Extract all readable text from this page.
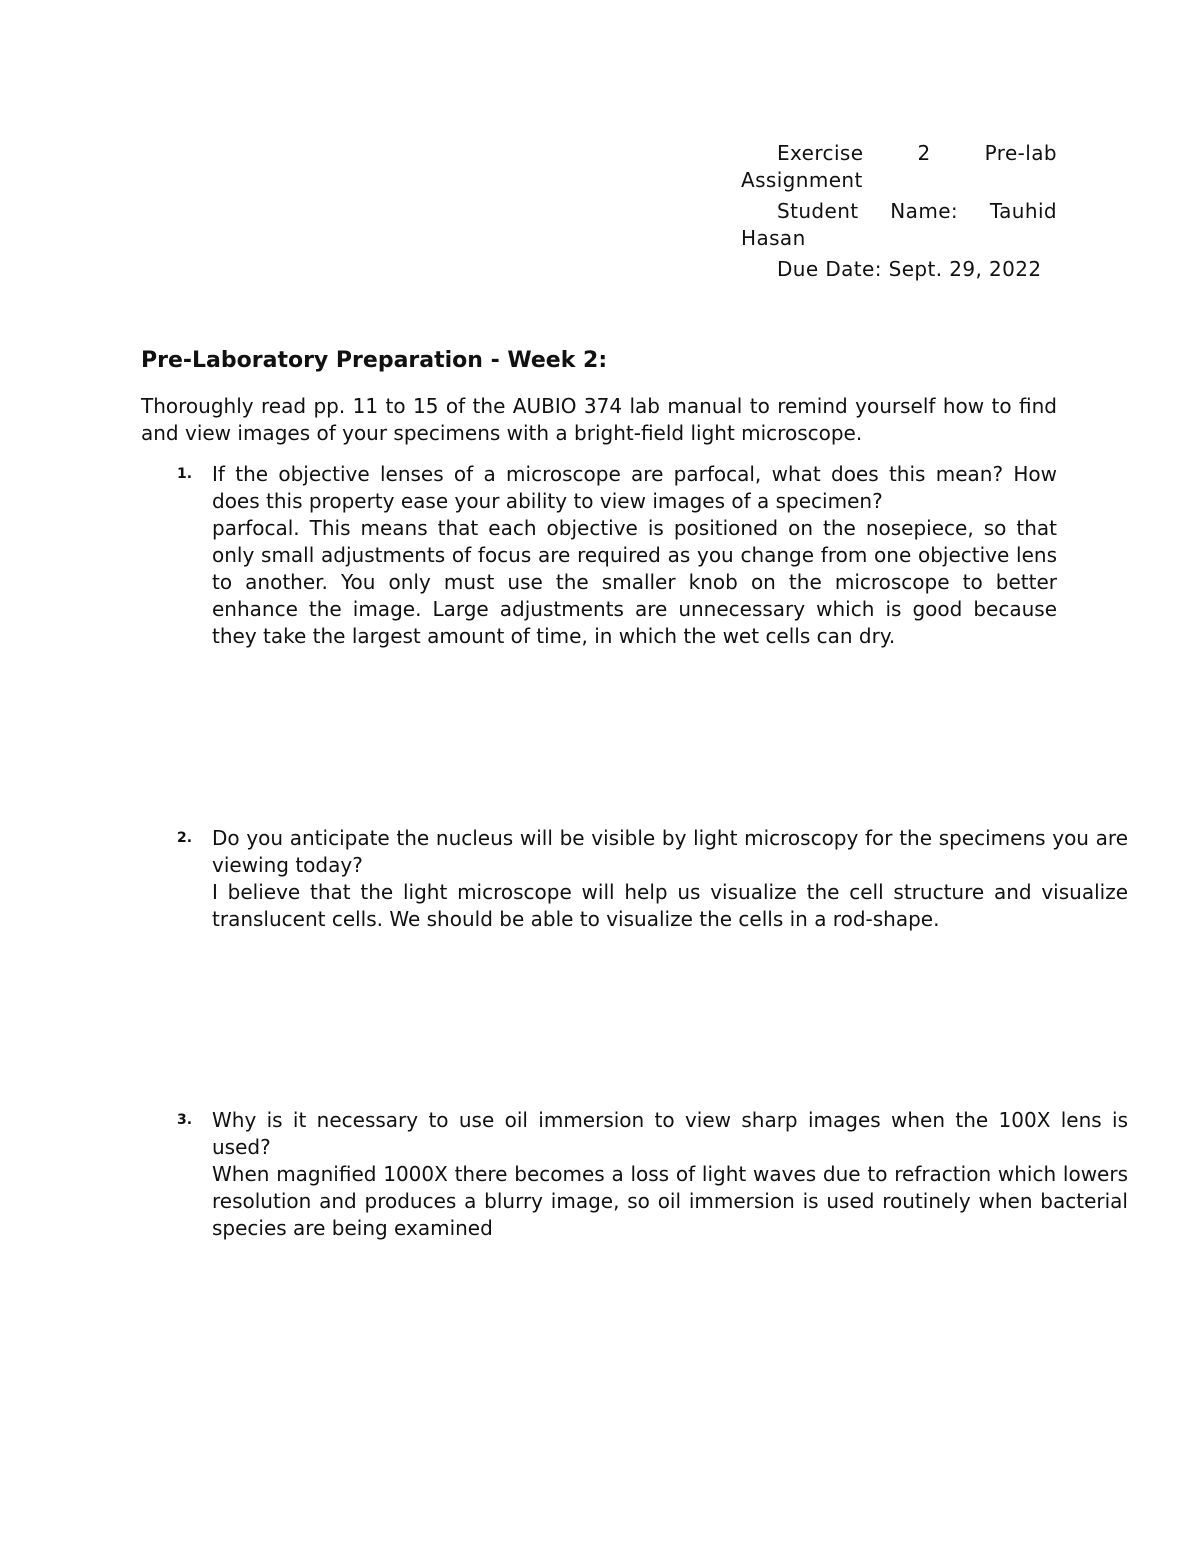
Exercise 2 Pre-lab Assignment

Student Name: Tauhid Hasan

Due Date: Sept. 29, 2022

Pre-Laboratory Preparation - Week 2:

Thoroughly read pp. 11 to 15 of the AUBIO 374 lab manual to remind yourself how to find and view images of your specimens with a bright-field light microscope.

1. If the objective lenses of a microscope are parfocal, what does this mean? How does this property ease your ability to view images of a specimen?

parfocal. This means that each objective is positioned on the nosepiece, so that only small adjustments of focus are required as you change from one objective lens to another. You only must use the smaller knob on the microscope to better enhance the image. Large adjustments are unnecessary which is good because they take the largest amount of time, in which the wet cells can dry.

2. Do you anticipate the nucleus will be visible by light microscopy for the specimens you are viewing today?

I believe that the light microscope will help us visualize the cell structure and visualize translucent cells. We should be able to visualize the cells in a rod-shape.

3. Why is it necessary to use oil immersion to view sharp images when the 100X lens is used?

When magnified 1000X there becomes a loss of light waves due to refraction which lowers resolution and produces a blurry image, so oil immersion is used routinely when bacterial species are being examined
